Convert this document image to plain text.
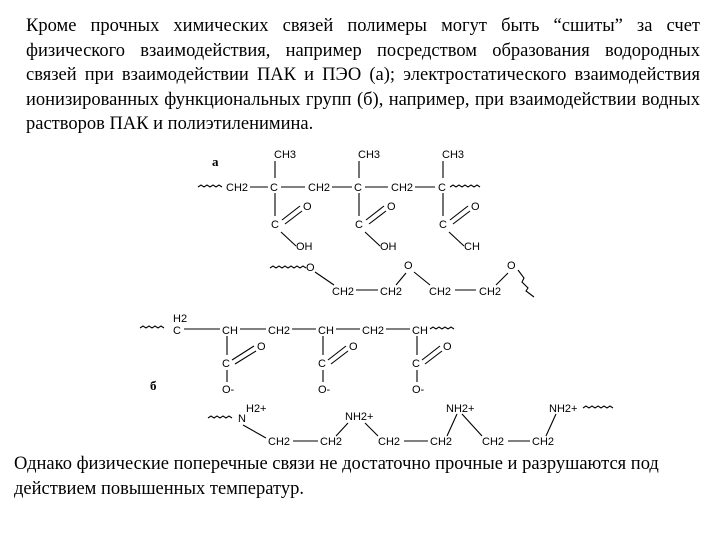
Кроме прочных химических связей полимеры могут быть “сшиты” за счет физического взаимодействия, например посредством образования водородных связей при взаимодействии ПАК и ПЭО (а); электростатического взаимодействия ионизированных функциональных групп (б), например, при взаимодействии водных растворов ПАК и полиэтиленимина.

а
CH2 C	CH2 C	CH2 C
CH3	CH3	CH3
C
O
OH
C
O
OH
C
O
CH
O
CH2 CH2
O
CH2	CH2
O
H2
C	CH	CH2	CH	CH2	CH
C
O
O-
C
O
O-
C
O
O-
б
N
H2+
CH2	CH2
NH2+
CH2	CH2
NH2+
CH2	CH2
NH2+

Однако физические поперечные связи не достаточно прочные и разрушаются под действием повышенных температур.
